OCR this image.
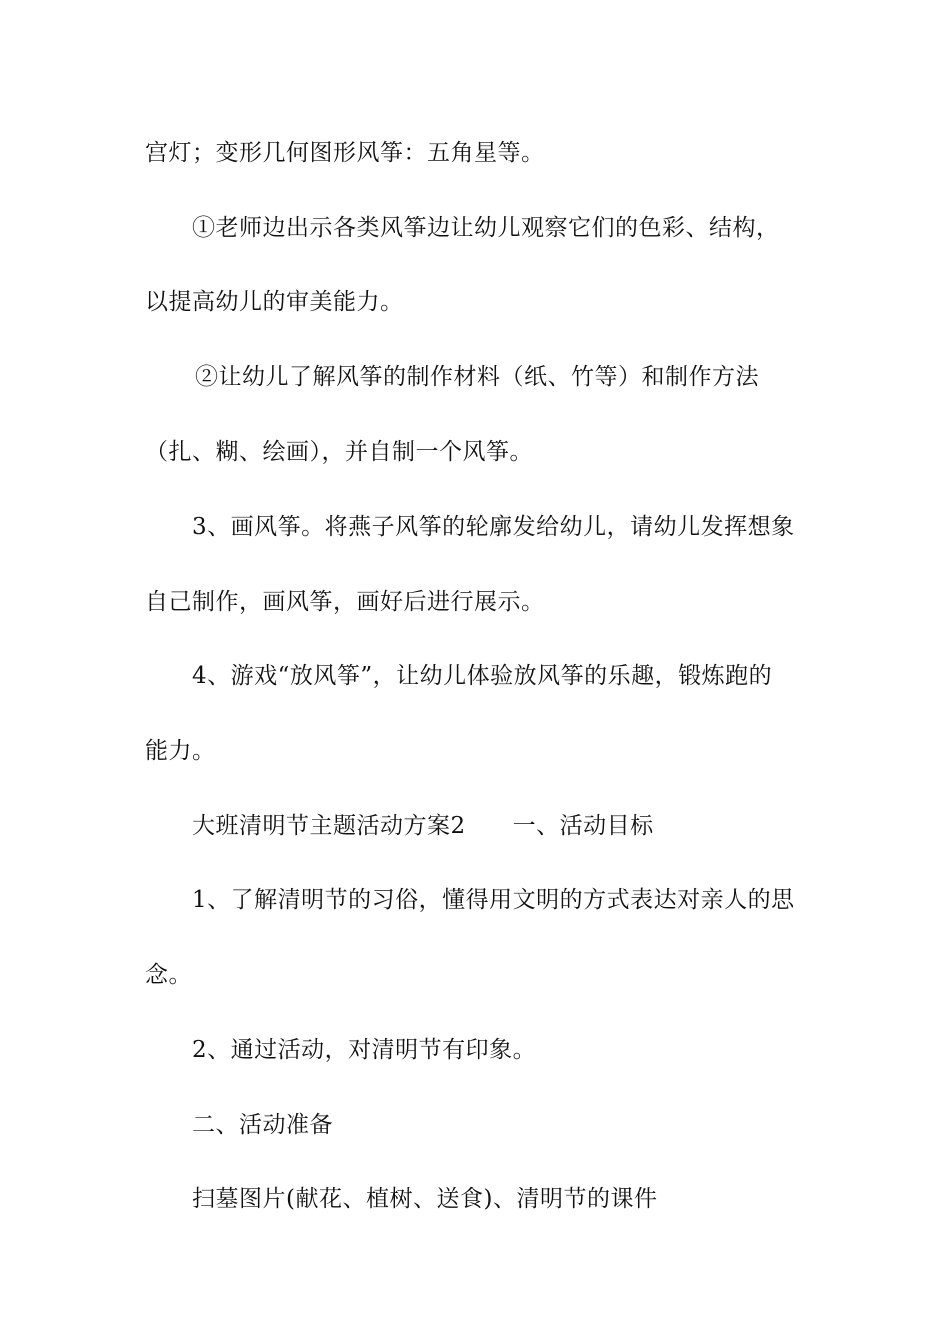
宫灯；变形几何图形风筝：五角星等。
①老师边出示各类风筝边让幼儿观察它们的色彩、结构，
以提高幼儿的审美能力。
②让幼儿了解风筝的制作材料（纸、竹等）和制作方法
（扎、糊、绘画），并自制一个风筝。
3、画风筝。将燕子风筝的轮廓发给幼儿，请幼儿发挥想象
自己制作，画风筝，画好后进行展示。
4、游戏“放风筝”，让幼儿体验放风筝的乐趣，锻炼跑的
能力。
大班清明节主题活动方案2　　一、活动目标
1、了解清明节的习俗，懂得用文明的方式表达对亲人的思
念。
2、通过活动，对清明节有印象。
二、活动准备
扫墓图片(献花、植树、送食)、清明节的课件
